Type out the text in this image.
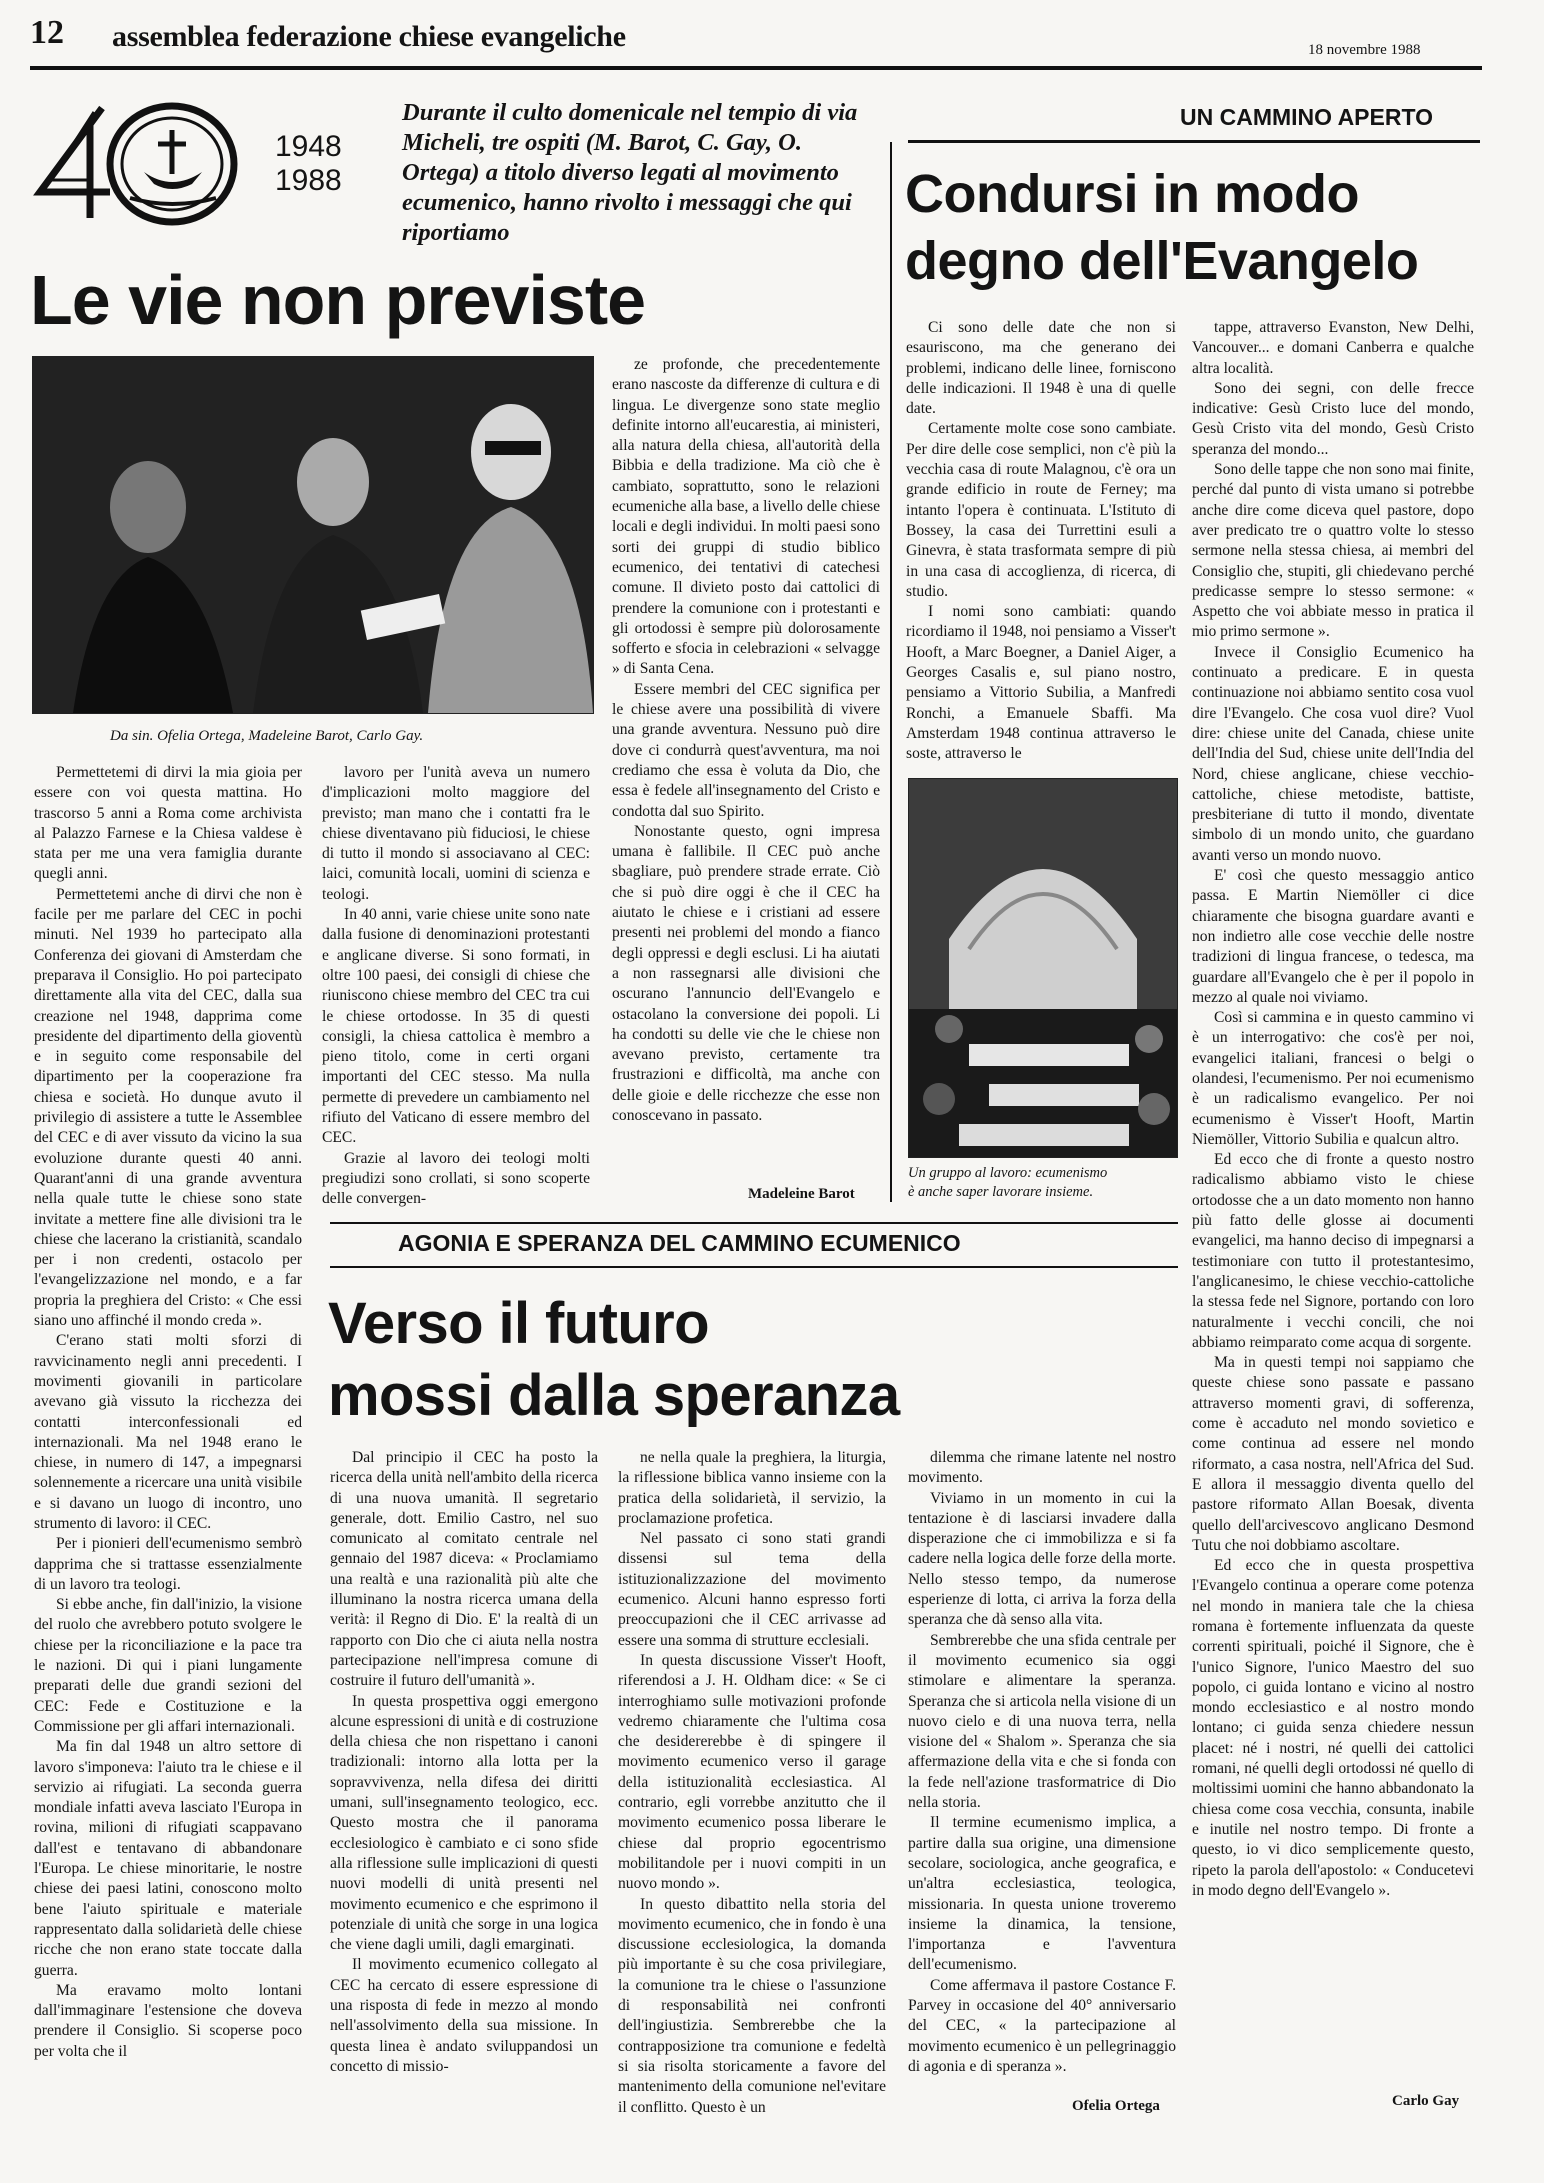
12 assemblea federazione chiese evangeliche	18 novembre 1988
1948
1988
Durante il culto domenicale nel tempio di via Micheli, tre ospiti (M. Barot, C. Gay, O. Ortega) a titolo diverso legati al movimento ecumenico, hanno rivolto i messaggi che qui riportiamo
UN CAMMINO APERTO
Condursi in modo
degno dell'Evangelo
Le vie non previste
Da sin. Ofelia Ortega, Madeleine Barot, Carlo Gay.

Permettetemi di dirvi la mia gioia per essere con voi questa mattina. Ho trascorso 5 anni a Roma come archivista al Palazzo Farnese e la Chiesa valdese è stata per me una vera famiglia durante quegli anni.

Permettetemi anche di dirvi che non è facile per me parlare del CEC in pochi minuti. Nel 1939 ho partecipato alla Conferenza dei giovani di Amsterdam che preparava il Consiglio. Ho poi partecipato direttamente alla vita del CEC, dalla sua creazione nel 1948, dapprima come presidente del dipartimento della gioventù e in seguito come responsabile del dipartimento per la cooperazione fra chiesa e società. Ho dunque avuto il privilegio di assistere a tutte le Assemblee del CEC e di aver vissuto da vicino la sua evoluzione durante questi 40 anni. Quarant'anni di una grande avventura nella quale tutte le chiese sono state invitate a mettere fine alle divisioni tra le chiese che lacerano la cristianità, scandalo per i non credenti, ostacolo per l'evangelizzazione nel mondo, e a far propria la preghiera del Cristo: « Che essi siano uno affinché il mondo creda ».

C'erano stati molti sforzi di ravvicinamento negli anni precedenti. I movimenti giovanili in particolare avevano già vissuto la ricchezza dei contatti interconfessionali ed internazionali. Ma nel 1948 erano le chiese, in numero di 147, a impegnarsi solennemente a ricercare una unità visibile e si davano un luogo di incontro, uno strumento di lavoro: il CEC.

Per i pionieri dell'ecumenismo sembrò dapprima che si trattasse essenzialmente di un lavoro tra teologi.

Si ebbe anche, fin dall'inizio, la visione del ruolo che avrebbero potuto svolgere le chiese per la riconciliazione e la pace tra le nazioni. Di qui i piani lungamente preparati delle due grandi sezioni del CEC: Fede e Costituzione e la Commissione per gli affari internazionali.

Ma fin dal 1948 un altro settore di lavoro s'imponeva: l'aiuto tra le chiese e il servizio ai rifugiati. La seconda guerra mondiale infatti aveva lasciato l'Europa in rovina, milioni di rifugiati scappavano dall'est e tentavano di abbandonare l'Europa. Le chiese minoritarie, le nostre chiese dei paesi latini, conoscono molto bene l'aiuto spirituale e materiale rappresentato dalla solidarietà delle chiese ricche che non erano state toccate dalla guerra.

Ma eravamo molto lontani dall'immaginare l'estensione che doveva prendere il Consiglio. Si scoperse poco per volta che il

lavoro per l'unità aveva un numero d'implicazioni molto maggiore del previsto; man mano che i contatti fra le chiese diventavano più fiduciosi, le chiese di tutto il mondo si associavano al CEC: laici, comunità locali, uomini di scienza e teologi.

In 40 anni, varie chiese unite sono nate dalla fusione di denominazioni protestanti e anglicane diverse. Si sono formati, in oltre 100 paesi, dei consigli di chiese che riuniscono chiese membro del CEC tra cui le chiese ortodosse. In 35 di questi consigli, la chiesa cattolica è membro a pieno titolo, come in certi organi importanti del CEC stesso. Ma nulla permette di prevedere un cambiamento nel rifiuto del Vaticano di essere membro del CEC.

Grazie al lavoro dei teologi molti pregiudizi sono crollati, si sono scoperte delle convergen-

ze profonde, che precedentemente erano nascoste da differenze di cultura e di lingua. Le divergenze sono state meglio definite intorno all'eucarestia, ai ministeri, alla natura della chiesa, all'autorità della Bibbia e della tradizione. Ma ciò che è cambiato, soprattutto, sono le relazioni ecumeniche alla base, a livello delle chiese locali e degli individui. In molti paesi sono sorti dei gruppi di studio biblico ecumenico, dei tentativi di catechesi comune. Il divieto posto dai cattolici di prendere la comunione con i protestanti e gli ortodossi è sempre più dolorosamente sofferto e sfocia in celebrazioni « selvagge » di Santa Cena.

Essere membri del CEC significa per le chiese avere una possibilità di vivere una grande avventura. Nessuno può dire dove ci condurrà quest'avventura, ma noi crediamo che essa è voluta da Dio, che essa è fedele all'insegnamento del Cristo e condotta dal suo Spirito.

Nonostante questo, ogni impresa umana è fallibile. Il CEC può anche sbagliare, può prendere strade errate. Ciò che si può dire oggi è che il CEC ha aiutato le chiese e i cristiani ad essere presenti nei problemi del mondo a fianco degli oppressi e degli esclusi. Li ha aiutati a non rassegnarsi alle divisioni che oscurano l'annuncio dell'Evangelo e ostacolano la conversione dei popoli. Li ha condotti su delle vie che le chiese non avevano previsto, certamente tra frustrazioni e difficoltà, ma anche con delle gioie e delle ricchezze che esse non conoscevano in passato.

Madeleine Barot

Ci sono delle date che non si esauriscono, ma che generano dei problemi, indicano delle linee, forniscono delle indicazioni. Il 1948 è una di quelle date.

Certamente molte cose sono cambiate. Per dire delle cose semplici, non c'è più la vecchia casa di route Malagnou, c'è ora un grande edificio in route de Ferney; ma intanto l'opera è continuata. L'Istituto di Bossey, la casa dei Turrettini esuli a Ginevra, è stata trasformata sempre di più in una casa di accoglienza, di ricerca, di studio.

I nomi sono cambiati: quando ricordiamo il 1948, noi pensiamo a Visser't Hooft, a Marc Boegner, a Daniel Aiger, a Georges Casalis e, sul piano nostro, pensiamo a Vittorio Subilia, a Manfredi Ronchi, a Emanuele Sbaffi. Ma Amsterdam 1948 continua attraverso le soste, attraverso le

Un gruppo al lavoro: ecumenismo
è anche saper lavorare insieme.

tappe, attraverso Evanston, New Delhi, Vancouver... e domani Canberra e qualche altra località.

Sono dei segni, con delle frecce indicative: Gesù Cristo luce del mondo, Gesù Cristo vita del mondo, Gesù Cristo speranza del mondo...

Sono delle tappe che non sono mai finite, perché dal punto di vista umano si potrebbe anche dire come diceva quel pastore, dopo aver predicato tre o quattro volte lo stesso sermone nella stessa chiesa, ai membri del Consiglio che, stupiti, gli chiedevano perché predicasse sempre lo stesso sermone: « Aspetto che voi abbiate messo in pratica il mio primo sermone ».

Invece il Consiglio Ecumenico ha continuato a predicare. E in questa continuazione noi abbiamo sentito cosa vuol dire l'Evangelo. Che cosa vuol dire? Vuol dire: chiese unite del Canada, chiese unite dell'India del Sud, chiese unite dell'India del Nord, chiese anglicane, chiese vecchio-cattoliche, chiese metodiste, battiste, presbiteriane di tutto il mondo, diventate simbolo di un mondo unito, che guardano avanti verso un mondo nuovo.

E' così che questo messaggio antico passa. E Martin Niemöller ci dice chiaramente che bisogna guardare avanti e non indietro alle cose vecchie delle nostre tradizioni di lingua francese, o tedesca, ma guardare all'Evangelo che è per il popolo in mezzo al quale noi viviamo.

Così si cammina e in questo cammino vi è un interrogativo: che cos'è per noi, evangelici italiani, francesi o belgi o olandesi, l'ecumenismo. Per noi ecumenismo è un radicalismo evangelico. Per noi ecumenismo è Visser't Hooft, Martin Niemöller, Vittorio Subilia e qualcun altro.

Ed ecco che di fronte a questo nostro radicalismo abbiamo visto le chiese ortodosse che a un dato momento non hanno più fatto delle glosse ai documenti evangelici, ma hanno deciso di impegnarsi a testimoniare con tutto il protestantesimo, l'anglicanesimo, le chiese vecchio-cattoliche la stessa fede nel Signore, portando con loro naturalmente i vecchi concili, che noi abbiamo reimparato come acqua di sorgente.

Ma in questi tempi noi sappiamo che queste chiese sono passate e passano attraverso momenti gravi, di sofferenza, come è accaduto nel mondo sovietico e come continua ad essere nel mondo riformato, a casa nostra, nell'Africa del Sud. E allora il messaggio diventa quello del pastore riformato Allan Boesak, diventa quello dell'arcivescovo anglicano Desmond Tutu che noi dobbiamo ascoltare.

Ed ecco che in questa prospettiva l'Evangelo continua a operare come potenza nel mondo in maniera tale che la chiesa romana è fortemente influenzata da queste correnti spirituali, poiché il Signore, che è l'unico Signore, l'unico Maestro del suo popolo, ci guida lontano e vicino al nostro mondo ecclesiastico e al nostro mondo lontano; ci guida senza chiedere nessun placet: né i nostri, né quelli dei cattolici romani, né quelli degli ortodossi né quello di moltissimi uomini che hanno abbandonato la chiesa come cosa vecchia, consunta, inabile e inutile nel nostro tempo. Di fronte a questo, io vi dico semplicemente questo, ripeto la parola dell'apostolo: « Conducetevi in modo degno dell'Evangelo ».

Carlo Gay
AGONIA E SPERANZA DEL CAMMINO ECUMENICO
Verso il futuro
mossi dalla speranza

Dal principio il CEC ha posto la ricerca della unità nell'ambito della ricerca di una nuova umanità. Il segretario generale, dott. Emilio Castro, nel suo comunicato al comitato centrale nel gennaio del 1987 diceva: « Proclamiamo una realtà e una razionalità più alte che illuminano la nostra ricerca umana della verità: il Regno di Dio. E' la realtà di un rapporto con Dio che ci aiuta nella nostra partecipazione nell'impresa comune di costruire il futuro dell'umanità ».

In questa prospettiva oggi emergono alcune espressioni di unità e di costruzione della chiesa che non rispettano i canoni tradizionali: intorno alla lotta per la sopravvivenza, nella difesa dei diritti umani, sull'insegnamento teologico, ecc. Questo mostra che il panorama ecclesiologico è cambiato e ci sono sfide alla riflessione sulle implicazioni di questi nuovi modelli di unità presenti nel movimento ecumenico e che esprimono il potenziale di unità che sorge in una logica che viene dagli umili, dagli emarginati.

Il movimento ecumenico collegato al CEC ha cercato di essere espressione di una risposta di fede in mezzo al mondo nell'assolvimento della sua missione. In questa linea è andato sviluppandosi un concetto di missio-

ne nella quale la preghiera, la liturgia, la riflessione biblica vanno insieme con la pratica della solidarietà, il servizio, la proclamazione profetica.

Nel passato ci sono stati grandi dissensi sul tema della istituzionalizzazione del movimento ecumenico. Alcuni hanno espresso forti preoccupazioni che il CEC arrivasse ad essere una somma di strutture ecclesiali.

In questa discussione Visser't Hooft, riferendosi a J. H. Oldham dice: « Se ci interroghiamo sulle motivazioni profonde vedremo chiaramente che l'ultima cosa che desidererebbe è di spingere il movimento ecumenico verso il garage della istituzionalità ecclesiastica. Al contrario, egli vorrebbe anzitutto che il movimento ecumenico possa liberare le chiese dal proprio egocentrismo mobilitandole per i nuovi compiti in un nuovo mondo ».

In questo dibattito nella storia del movimento ecumenico, che in fondo è una discussione ecclesiologica, la domanda più importante è su che cosa privilegiare, la comunione tra le chiese o l'assunzione di responsabilità nei confronti dell'ingiustizia. Sembrerebbe che la contrapposizione tra comunione e fedeltà si sia risolta storicamente a favore del mantenimento della comunione nel'evitare il conflitto. Questo è un

dilemma che rimane latente nel nostro movimento.

Viviamo in un momento in cui la tentazione è di lasciarsi invadere dalla disperazione che ci immobilizza e si fa cadere nella logica delle forze della morte. Nello stesso tempo, da numerose esperienze di lotta, ci arriva la forza della speranza che dà senso alla vita.

Sembrerebbe che una sfida centrale per il movimento ecumenico sia oggi stimolare e alimentare la speranza. Speranza che si articola nella visione di un nuovo cielo e di una nuova terra, nella visione del « Shalom ». Speranza che sia affermazione della vita e che si fonda con la fede nell'azione trasformatrice di Dio nella storia.

Il termine ecumenismo implica, a partire dalla sua origine, una dimensione secolare, sociologica, anche geografica, e un'altra ecclesiastica, teologica, missionaria. In questa unione troveremo insieme la dinamica, la tensione, l'importanza e l'avventura dell'ecumenismo.

Come affermava il pastore Costance F. Parvey in occasione del 40° anniversario del CEC, « la partecipazione al movimento ecumenico è un pellegrinaggio di agonia e di speranza ».

Ofelia Ortega
